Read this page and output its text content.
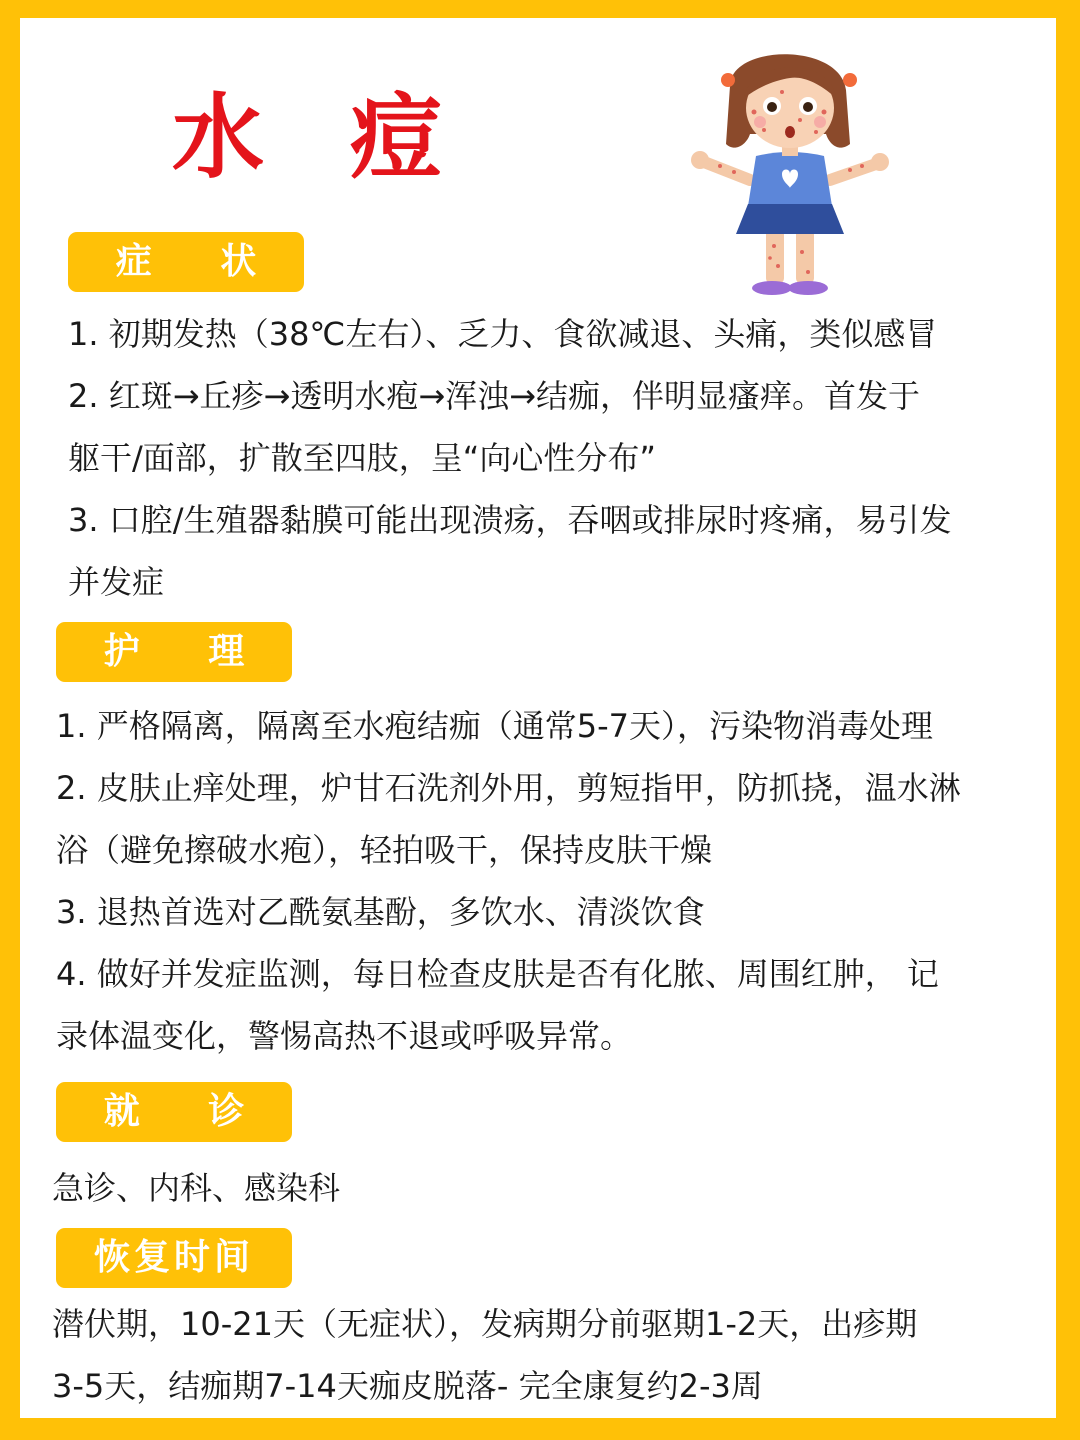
水 痘
症 状

1. 初期发热（38℃左右）、乏力、食欲减退、头痛，类似感冒

2. 红斑→丘疹→透明水疱→浑浊→结痂，伴明显瘙痒。首发于

躯干/面部，扩散至四肢，呈“向心性分布”

3. 口腔/生殖器黏膜可能出现溃疡，吞咽或排尿时疼痛，易引发

并发症

护 理

1. 严格隔离，隔离至水疱结痂（通常5-7天），污染物消毒处理

2. 皮肤止痒处理，炉甘石洗剂外用，剪短指甲，防抓挠，温水淋

浴（避免擦破水疱），轻拍吸干，保持皮肤干燥

3. 退热首选对乙酰氨基酚，多饮水、清淡饮食

4. 做好并发症监测，每日检查皮肤是否有化脓、周围红肿， 记

录体温变化，警惕高热不退或呼吸异常。

就 诊

急诊、内科、感染科

恢复时间

潜伏期，10-21天（无症状），发病期分前驱期1-2天，出疹期

3-5天，结痂期7-14天痂皮脱落- 完全康复约2-3周
